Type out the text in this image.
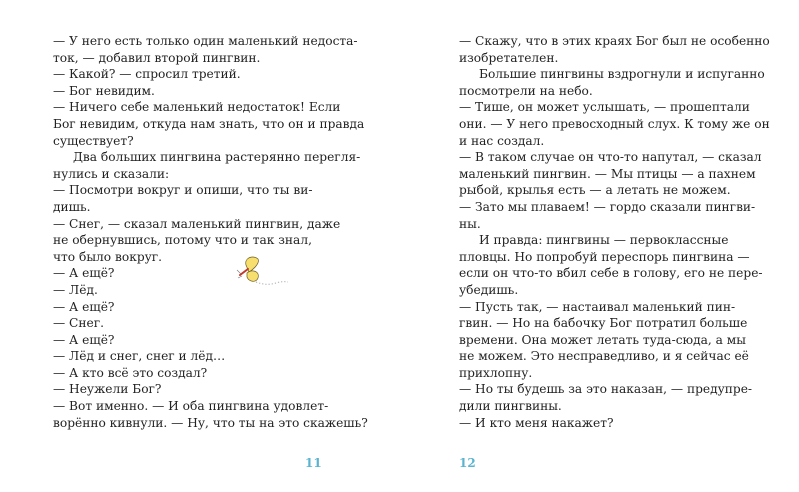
— У него есть только один маленький недоста-
ток, — добавил второй пингвин.
— Какой? — спросил третий.
— Бог невидим.
— Ничего себе маленький недостаток! Если
Бог невидим, откуда нам знать, что он и правда
существует?
Два больших пингвина растерянно перегля-
нулись и сказали:
— Посмотри вокруг и опиши, что ты ви-
дишь.
— Снег, — сказал маленький пингвин, даже
не обернувшись, потому что и так знал,
что было вокруг.
— А ещё?
— Лёд.
— А ещё?
— Снег.
— А ещё?
— Лёд и снег, снег и лёд…
— А кто всё это создал?
— Неужели Бог?
— Вот именно. — И оба пингвина удовлет-
ворённо кивнули. — Ну, что ты на это скажешь?
— Скажу, что в этих краях Бог был не особенно
изобретателен.
Большие пингвины вздрогнули и испуганно
посмотрели на небо.
— Тише, он может услышать, — прошептали
они. — У него превосходный слух. К тому же он
и нас создал.
— В таком случае он что-то напутал, — сказал
маленький пингвин. — Мы птицы — а пахнем
рыбой, крылья есть — а летать не можем.
— Зато мы плаваем! — гордо сказали пингви-
ны.
И правда: пингвины — первоклассные
пловцы. Но попробуй переспорь пингвина —
если он что-то вбил себе в голову, его не пере-
убедишь.
— Пусть так, — настаивал маленький пин-
гвин. — Но на бабочку Бог потратил больше
времени. Она может летать туда-сюда, а мы
не можем. Это несправедливо, и я сейчас её
прихлопну.
— Но ты будешь за это наказан, — предупре-
дили пингвины.
— И кто меня накажет?
11	12
